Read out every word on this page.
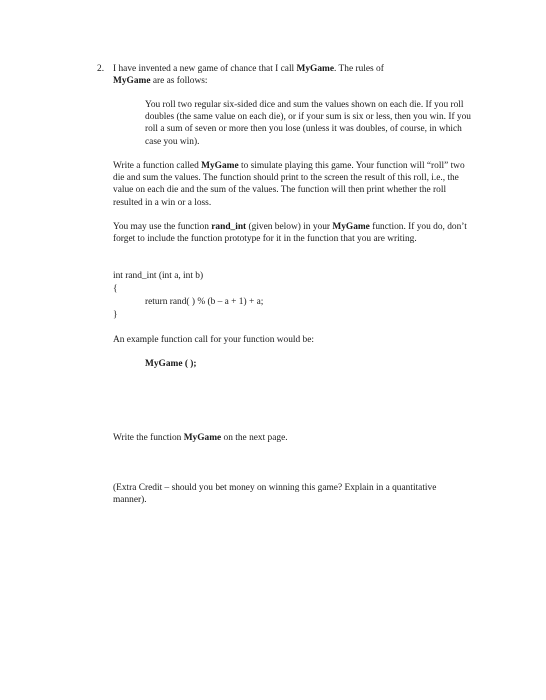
2. I have invented a new game of chance that I call MyGame. The rules of
MyGame are as follows:
You roll two regular six-sided dice and sum the values shown on each die. If you roll doubles (the same value on each die), or if your sum is six or less, then you win. If you roll a sum of seven or more then you lose (unless it was doubles, of course, in which case you win).
Write a function called MyGame to simulate playing this game. Your function will “roll” two die and sum the values. The function should print to the screen the result of this roll, i.e., the value on each die and the sum of the values. The function will then print whether the roll resulted in a win or a loss.
You may use the function rand_int (given below) in your MyGame function. If you do, don’t forget to include the function prototype for it in the function that you are writing.
int rand_int (int a, int b)
{
return rand( ) % (b – a + 1) + a;
}
An example function call for your function would be:
MyGame ( );
Write the function MyGame on the next page.
(Extra Credit – should you bet money on winning this game? Explain in a quantitative manner).
